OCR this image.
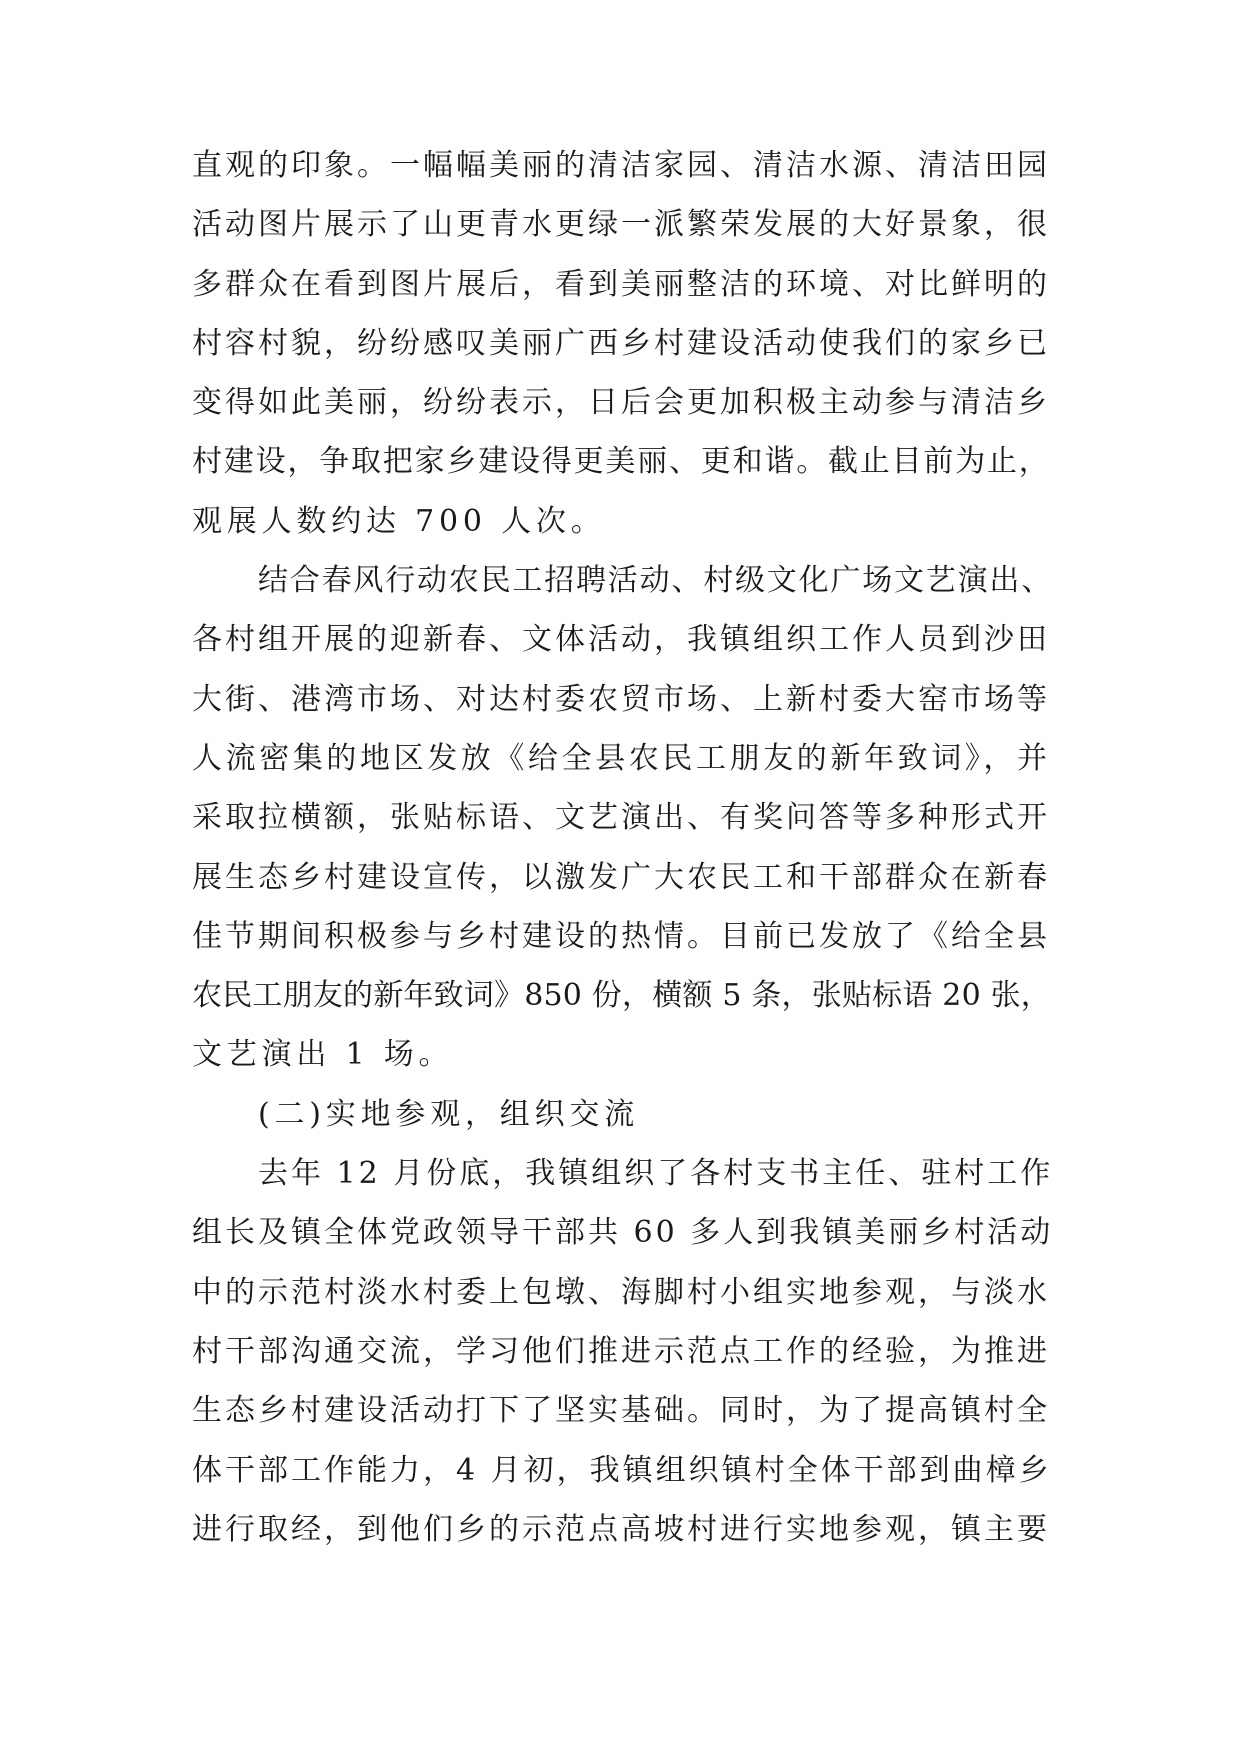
直观的印象。一幅幅美丽的清洁家园、清洁水源、清洁田园
活动图片展示了山更青水更绿一派繁荣发展的大好景象，很
多群众在看到图片展后，看到美丽整洁的环境、对比鲜明的
村容村貌，纷纷感叹美丽广西乡村建设活动使我们的家乡已
变得如此美丽，纷纷表示，日后会更加积极主动参与清洁乡
村建设，争取把家乡建设得更美丽、更和谐。截止目前为止，
观展人数约达 700 人次。
结合春风行动农民工招聘活动、村级文化广场文艺演出、
各村组开展的迎新春、文体活动，我镇组织工作人员到沙田
大街、港湾市场、对达村委农贸市场、上新村委大窑市场等
人流密集的地区发放《给全县农民工朋友的新年致词》，并
采取拉横额，张贴标语、文艺演出、有奖问答等多种形式开
展生态乡村建设宣传，以激发广大农民工和干部群众在新春
佳节期间积极参与乡村建设的热情。目前已发放了《给全县
农民工朋友的新年致词》850 份，横额 5 条，张贴标语 20 张，
文艺演出 1 场。
(二)实地参观，组织交流
去年 12 月份底，我镇组织了各村支书主任、驻村工作
组长及镇全体党政领导干部共 60 多人到我镇美丽乡村活动
中的示范村淡水村委上包墩、海脚村小组实地参观，与淡水
村干部沟通交流，学习他们推进示范点工作的经验，为推进
生态乡村建设活动打下了坚实基础。同时，为了提高镇村全
体干部工作能力，4 月初，我镇组织镇村全体干部到曲樟乡
进行取经，到他们乡的示范点高坡村进行实地参观，镇主要
